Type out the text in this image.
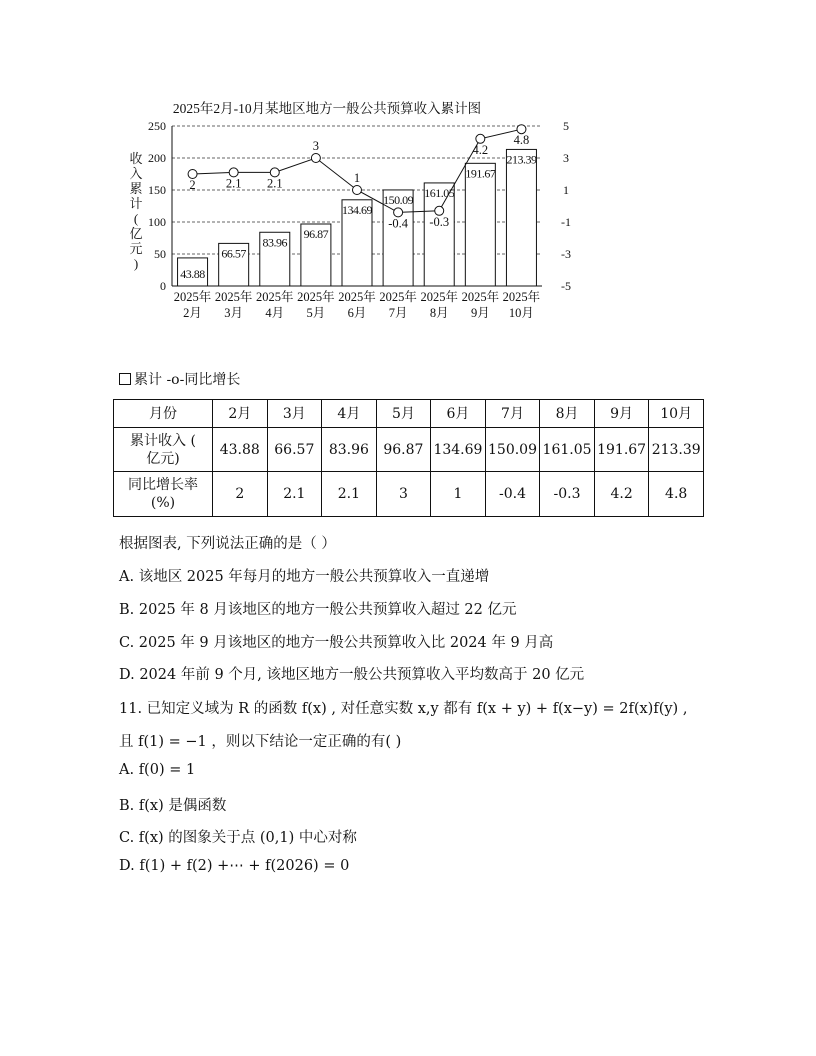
2025年2月-10月某地区地方一般公共预算收入累计图
收
入
累
计
(
亿
元
)
43.88
66.57
83.96
96.87
134.69
150.09
161.05
191.67
213.39
2 2.1 2.1
3
1
-0.4 -0.3
4.2
4.8
0
50
100
150
200
250
-5
-3
-1
1
3
5
2025年
2月
2025年
3月
2025年
4月
2025年
5月
2025年
6月
2025年
7月
2025年
8月
2025年
9月
2025年
10月
累计 -o-同比增长
月份	2月	3月	4月	5月	6月	7月	8月	9月	10月

累计收入 (
亿元)	43.88	66.57	83.96	96.87	134.69	150.09	161.05	191.67	213.39

同比增长率
(%)	2	2.1	2.1	3	1	-0.4	-0.3	4.2	4.8
根据图表, 下列说法正确的是（ ）
A. 该地区 2025 年每月的地方一般公共预算收入一直递增
B. 2025 年 8 月该地区的地方一般公共预算收入超过 22 亿元
C. 2025 年 9 月该地区的地方一般公共预算收入比 2024 年 9 月高
D. 2024 年前 9 个月, 该地区地方一般公共预算收入平均数高于 20 亿元
11. 已知定义域为 R 的函数 f(x) , 对任意实数 x,y 都有 f(x + y) + f(x−y) = 2f(x)f(y) ,
且 f(1) = −1 ，则以下结论一定正确的有( )
A. f(0) = 1
B. f(x) 是偶函数
C. f(x) 的图象关于点 (0,1) 中心对称
D. f(1) + f(2) +⋯ + f(2026) = 0
